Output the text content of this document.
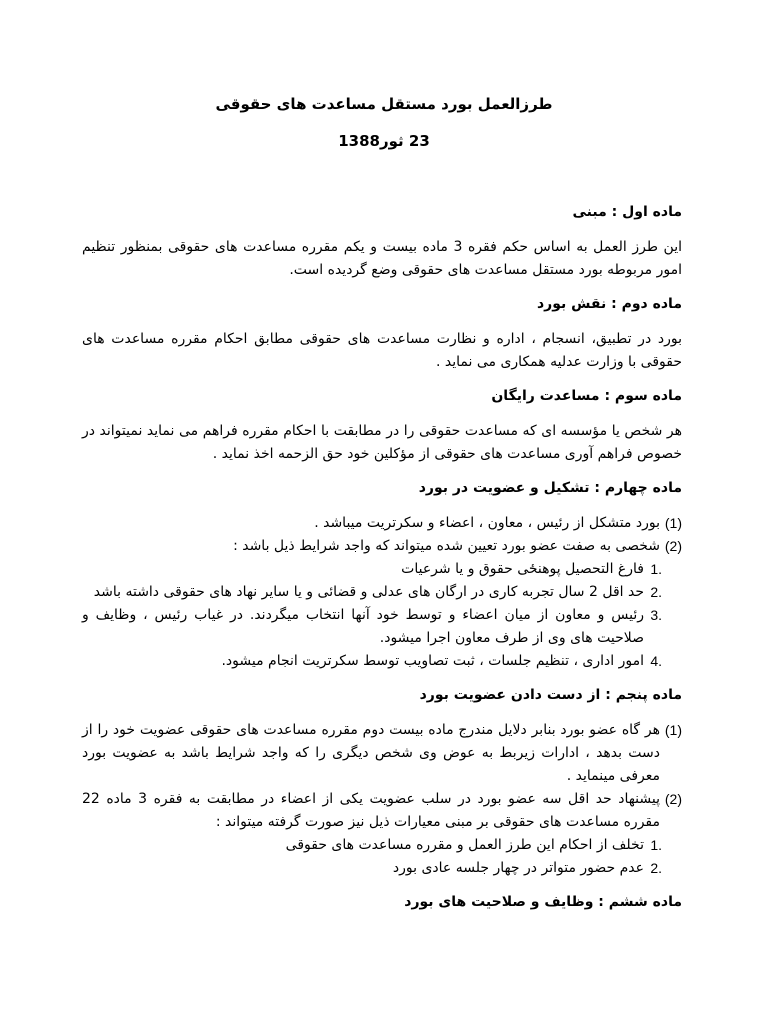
طرزالعمل بورد مستقل مساعدت های حقوقی
23 ثور1388

ماده اول : مبنی

این طرز العمل به اساس حکم فقره 3 ماده بیست و یکم مقرره مساعدت های حقوقی بمنظور تنظیم امور مربوطه بورد مستقل مساعدت های حقوقی وضع گردیده است.

ماده دوم : نقش بورد

بورد در تطبیق، انسجام ، اداره و نظارت مساعدت های حقوقی مطابق احکام مقرره مساعدت های حقوقی با وزارت عدلیه همکاری می نماید .

ماده سوم : مساعدت رایگان

هر شخص یا مؤسسه ای که مساعدت حقوقی را در مطابقت با احکام مقرره فراهم می نماید نمیتواند در خصوص فراهم آوری مساعدت های حقوقی از مؤکلین خود حق الزحمه اخذ نماید .

ماده چهارم : تشکیل و عضویت در بورد

(1)
بورد متشکل از رئیس ، معاون ، اعضاء و سکرتریت میباشد .
(2)
شخصی به صفت عضو بورد تعیین شده میتواند که واجد شرایط ذیل باشد :
.1
فارغ التحصیل پوهنځی حقوق و یا شرعیات
.2
حد اقل 2 سال تجربه کاری در ارگان های عدلی و قضائی و یا سایر نهاد های حقوقی داشته باشد
.3
رئیس و معاون از میان اعضاء و توسط خود آنها انتخاب میگردند. در غیاب رئیس ، وظایف و صلاحیت های وی از طرف معاون اجرا میشود.
.4
امور اداری ، تنظیم جلسات ، ثبت تصاویب توسط سکرتریت انجام میشود.

ماده پنجم : از دست دادن عضویت بورد

(1)
هر گاه عضو بورد بنابر دلایل مندرج ماده بیست دوم مقرره مساعدت های حقوقی عضویت خود را از دست بدهد ، ادارات زیربط به عوض وی شخص دیگری را که واجد شرایط باشد به عضویت بورد معرفی مینماید .
(2)
پیشنهاد حد اقل سه عضو بورد در سلب عضویت یکی از اعضاء در مطابقت به فقره 3 ماده 22 مقرره مساعدت های حقوقی بر مبنی معیارات ذیل نیز صورت گرفته میتواند :
.1
تخلف از احکام این طرز العمل و مقرره مساعدت های حقوقی
.2
عدم حضور متواتر در چهار جلسه عادی بورد

ماده ششم : وظایف و صلاحیت های بورد
